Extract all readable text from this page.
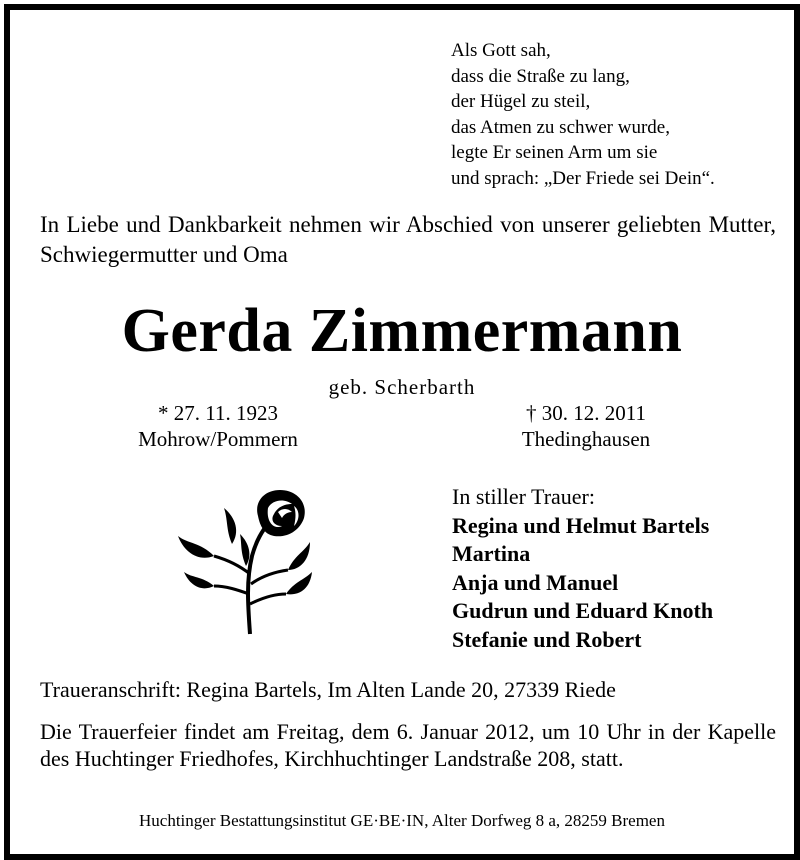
Als Gott sah,
dass die Straße zu lang,
der Hügel zu steil,
das Atmen zu schwer wurde,
legte Er seinen Arm um sie
und sprach: „Der Friede sei Dein“.
In Liebe und Dankbarkeit nehmen wir Abschied von unserer geliebten Mutter, Schwiegermutter und Oma
Gerda Zimmermann
geb. Scherbarth
* 27. 11. 1923
Mohrow/Pommern
† 30. 12. 2011
Thedinghausen
In stiller Trauer:
Regina und Helmut Bartels
Martina
Anja und Manuel
Gudrun und Eduard Knoth
Stefanie und Robert
Traueranschrift: Regina Bartels, Im Alten Lande 20, 27339 Riede
Die Trauerfeier findet am Freitag, dem 6. Januar 2012, um 10 Uhr in der Kapelle des Huchtinger Friedhofes, Kirchhuchtinger Landstraße 208, statt.
Huchtinger Bestattungsinstitut GE·BE·IN, Alter Dorfweg 8 a, 28259 Bremen
